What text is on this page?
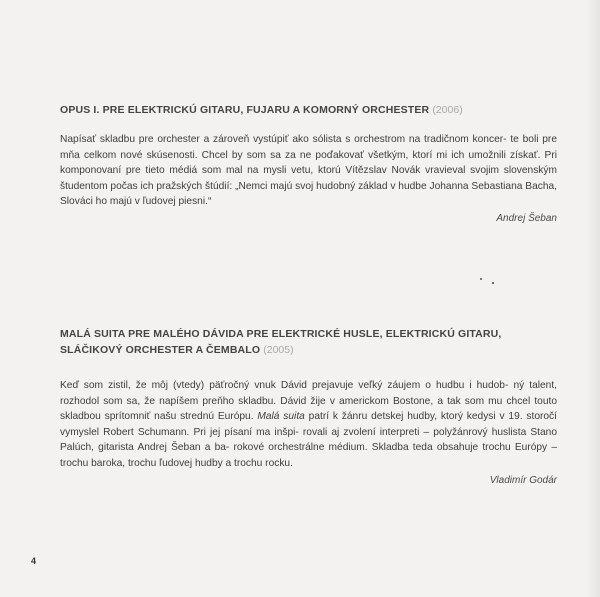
OPUS I. PRE ELEKTRICKÚ GITARU, FUJARU A KOMORNÝ ORCHESTER (2006)

Napísať skladbu pre orchester a zároveň vystúpiť ako sólista s orchestrom na tradičnom koncer- te boli pre mňa celkom nové skúsenosti. Chcel by som sa za ne poďakovať všetkým, ktorí mi ich umožnili získať. Pri komponovaní pre tieto médiá som mal na mysli vetu, ktorú Vítězslav Novák vravieval svojim slovenským študentom počas ich pražských štúdií: „Nemci majú svoj hudobný základ v hudbe Johanna Sebastiana Bacha, Slováci ho majú v ľudovej piesni.“

Andrej Šeban

MALÁ SUITA PRE MALÉHO DÁVIDA PRE ELEKTRICKÉ HUSLE, ELEKTRICKÚ GITARU,
SLÁČIKOVÝ ORCHESTER A ČEMBALO (2005)

Keď som zistil, že môj (vtedy) päťročný vnuk Dávid prejavuje veľký záujem o hudbu i hudob- ný talent, rozhodol som sa, že napíšem preňho skladbu. Dávid žije v americkom Bostone, a tak som mu chcel touto skladbou sprítomniť našu strednú Európu. Malá suita patrí k žánru detskej hudby, ktorý kedysi v 19. storočí vymyslel Robert Schumann. Pri jej písaní ma inšpi- rovali aj zvolení interpreti – polyžánrový huslista Stano Palúch, gitarista Andrej Šeban a ba- rokové orchestrálne médium. Skladba teda obsahuje trochu Európy – trochu baroka, trochu ľudovej hudby a trochu rocku.

Vladimír Godár

4
